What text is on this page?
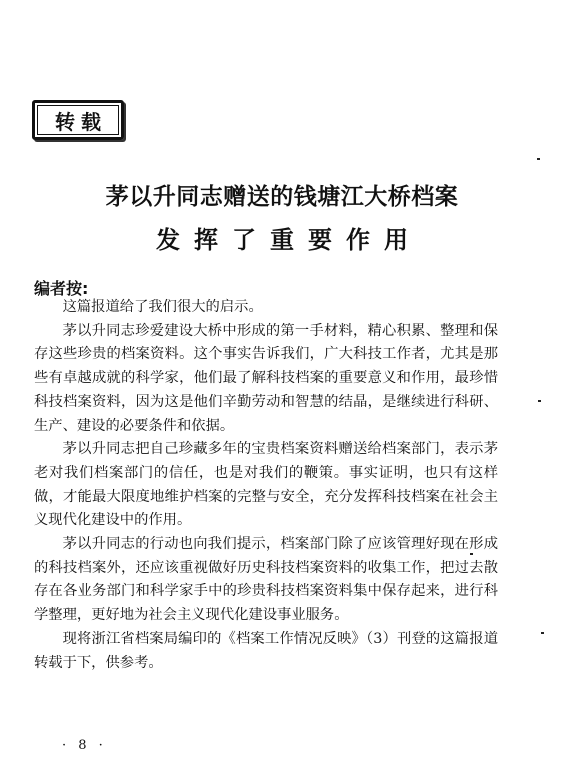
转载
茅以升同志赠送的钱塘江大桥档案
发挥了重要作用
编者按:

这篇报道给了我们很大的启示。

茅以升同志珍爱建设大桥中形成的第一手材料，精心积累、整理和保存这些珍贵的档案资料。这个事实告诉我们，广大科技工作者，尤其是那些有卓越成就的科学家，他们最了解科技档案的重要意义和作用，最珍惜科技档案资料，因为这是他们辛勤劳动和智慧的结晶，是继续进行科研、生产、建设的必要条件和依据。

茅以升同志把自己珍藏多年的宝贵档案资料赠送给档案部门，表示茅老对我们档案部门的信任，也是对我们的鞭策。事实证明，也只有这样做，才能最大限度地维护档案的完整与安全，充分发挥科技档案在社会主义现代化建设中的作用。

茅以升同志的行动也向我们提示，档案部门除了应该管理好现在形成的科技档案外，还应该重视做好历史科技档案资料的收集工作，把过去散存在各业务部门和科学家手中的珍贵科技档案资料集中保存起来，进行科学整理，更好地为社会主义现代化建设事业服务。

现将浙江省档案局编印的《档案工作情况反映》（3）刊登的这篇报道转载于下，供参考。

· 8 ·
